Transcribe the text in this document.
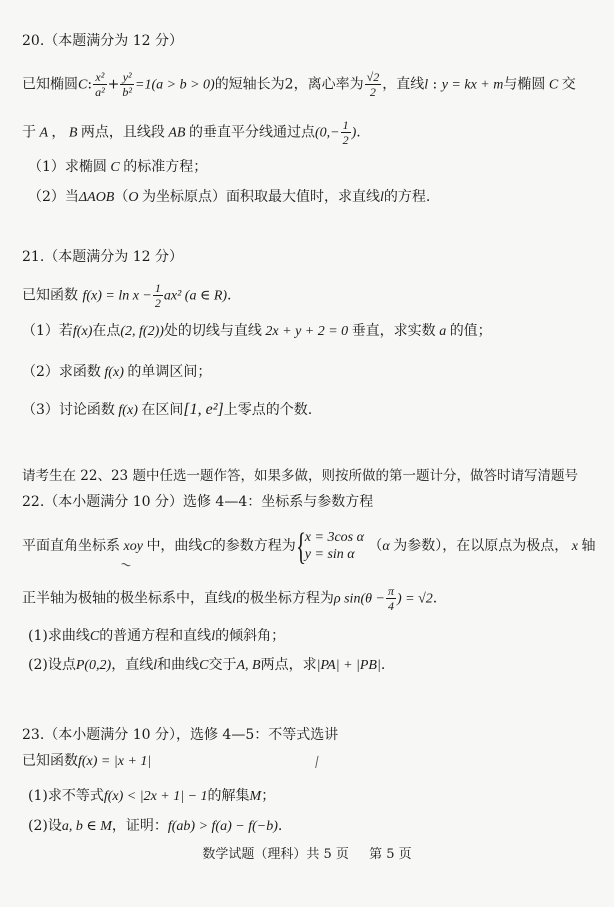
20.（本题满分为 12 分）
已知椭圆C: $\frac{\text{x²}}{\text{a²}} + \frac{\text{y²}}{\text{b²}} =1(a > b > 0)$的短轴长为2，离心率为 $\frac{√2}{2}$ ，直线l : y = kx + m与椭圆 C 交
于 A ， B 两点，且线段 AB 的垂直平分线通过点($0,- \frac{1}{2}$ ).
（1）求椭圆 C 的标准方程；
（2）当ΔAOB（O 为坐标原点）面积取最大值时，求直线l的方程.
21.（本题满分为 12 分）
已知函数 $f(x) = \ln x - \frac{1}{2} ax^2$ (a ∈ R).
（1）若f(x)在点(2, f(2))处的切线与直线 2x + y + 2 = 0 垂直，求实数 a 的值；
（2）求函数 f(x) 的单调区间；
（3）讨论函数 f(x) 在区间[1, e²]上零点的个数.
请考生在 22、23 题中任选一题作答，如果多做，则按所做的第一题计分，做答时请写清题号
22.（本小题满分 10 分）选修 4—4：坐标系与参数方程
平面直角坐标系 xoy 中，曲线C的参数方程为 {
x = 3cos α
y = sin α
（α 为参数），在以原点为极点， x 轴
正半轴为极轴的极坐标系中，直线l的极坐标方程为ρ $\sin(\theta - \frac{\pi}{4}$ ) = √2.
(1)求曲线C的普通方程和直线l的倾斜角；
(2)设点P(0,2)，直线l和曲线C交于A, B两点，求|PA| + |PB|.
23.（本小题满分 10 分），选修 4—5：不等式选讲
已知函数f(x) = |x + 1|
(1)求不等式f(x) < |2x + 1| − 1的解集M；
(2)设a, b ∈ M，证明：f(ab) > f(a) − f(−b).
数学试题（理科）共 5 页 第 5 页
~
⁄
